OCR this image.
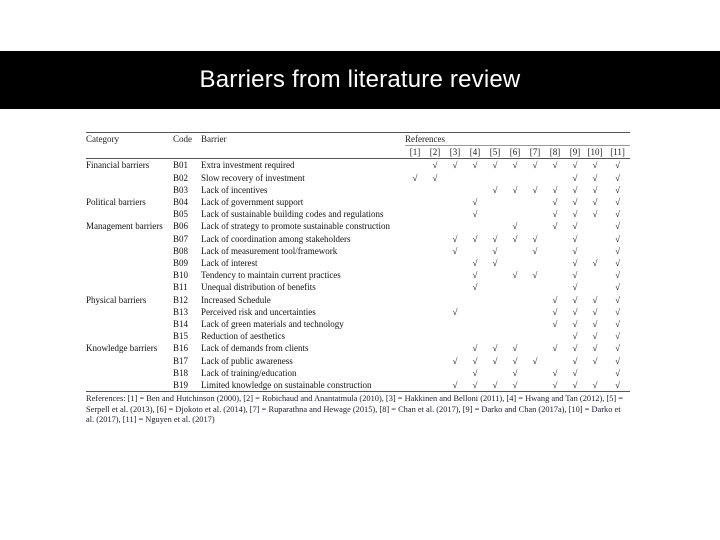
Barriers from literature review
Category	Code	Barrier	References										
			[1]	[2]	[3]	[4]	[5]	[6]	[7]	[8]	[9]	[10]	[11]
Financial barriers	B01	Extra investment required		√	√	√	√	√	√	√	√	√	√
	B02	Slow recovery of investment	√	√							√	√	√
	B03	Lack of incentives					√	√	√	√	√	√	√
Political barriers	B04	Lack of government support				√				√	√	√	√
	B05	Lack of sustainable building codes and regulations				√				√	√	√	√
Management barriers	B06	Lack of strategy to promote sustainable construction						√		√	√		√
	B07	Lack of coordination among stakeholders			√	√	√	√	√		√		√
	B08	Lack of measurement tool/framework			√		√		√		√		√
	B09	Lack of interest				√	√				√	√	√
	B10	Tendency to maintain current practices				√		√	√		√		√
	B11	Unequal distribution of benefits				√					√		√
Physical barriers	B12	Increased Schedule								√	√	√	√
	B13	Perceived risk and uncertainties			√					√	√	√	√
	B14	Lack of green materials and technology								√	√	√	√
	B15	Reduction of aesthetics									√	√	√
Knowledge barriers	B16	Lack of demands from clients				√	√	√		√	√	√	√
	B17	Lack of public awareness			√	√	√	√	√		√	√	√
	B18	Lack of training/education				√		√		√	√		√
	B19	Limited knowledge on sustainable construction			√	√	√	√		√	√	√	√
References: [1] = Ben and Hutchinson (2000), [2] = Robichaud and Anantatmula (2010), [3] = Hakkinen and Belloni (2011), [4] = Hwang and Tan (2012), [5] = Serpell et al. (2013), [6] = Djokoto et al. (2014), [7] = Ruparathna and Hewage (2015), [8] = Chan et al. (2017), [9] = Darko and Chan (2017a), [10] = Darko et al. (2017), [11] = Nguyen et al. (2017)
